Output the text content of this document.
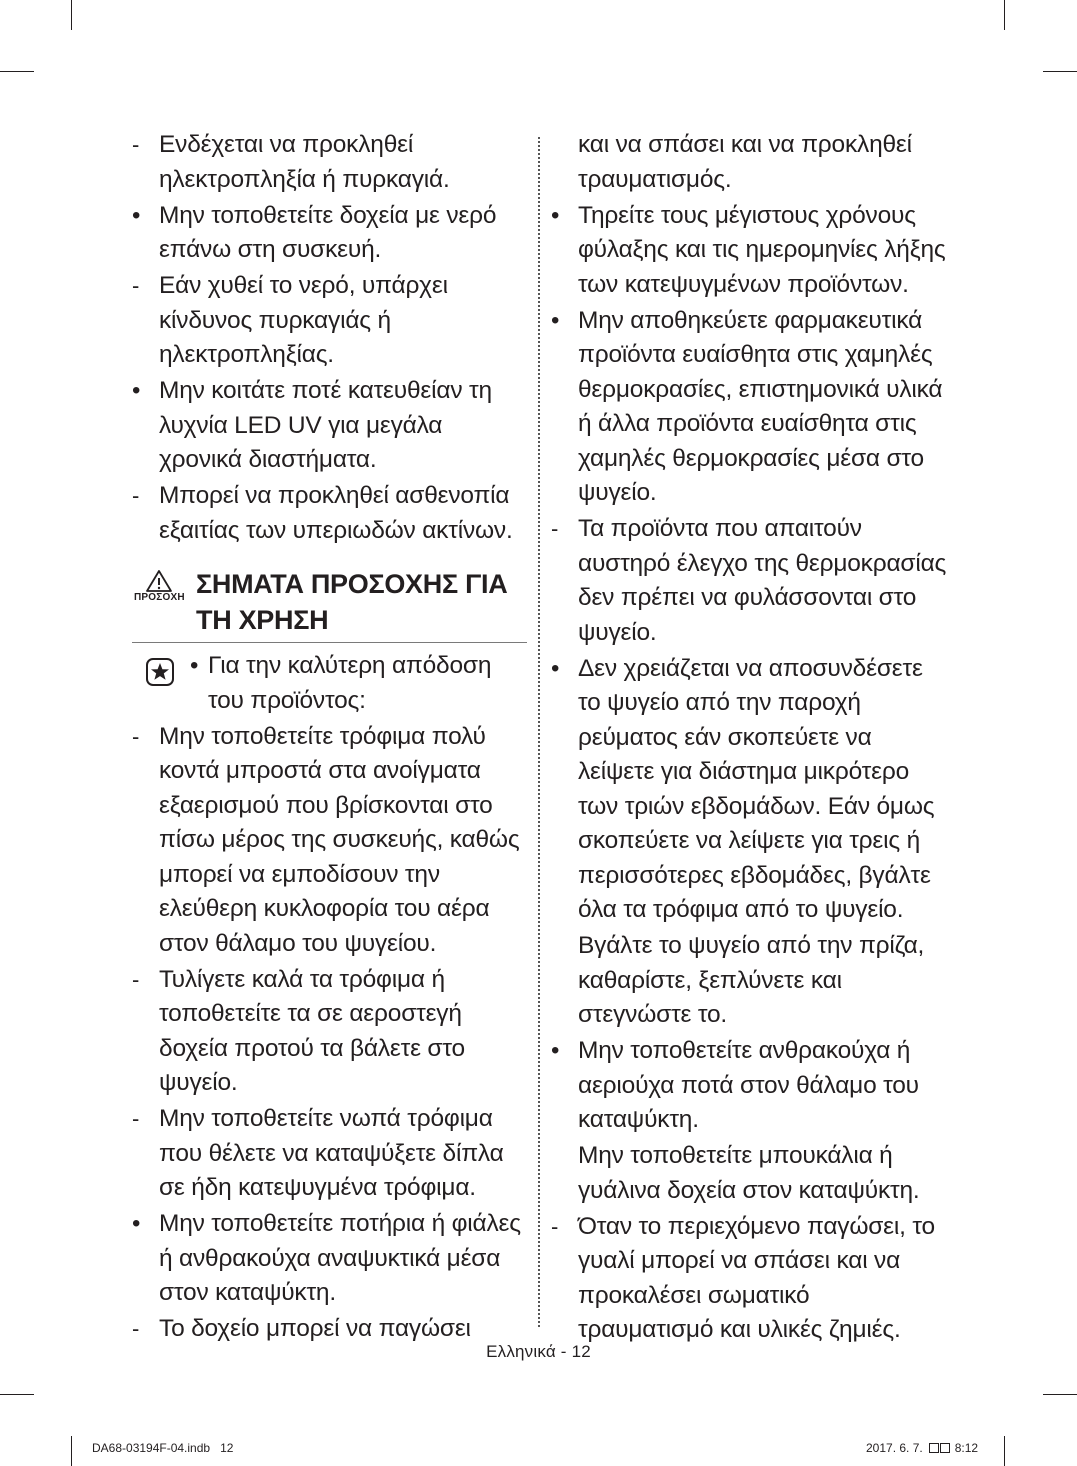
- Ενδέχεται να προκληθεί ηλεκτροπληξία ή πυρκαγιά.
• Μην τοποθετείτε δοχεία με νερό επάνω στη συσκευή.
- Εάν χυθεί το νερό, υπάρχει κίνδυνος πυρκαγιάς ή ηλεκτροπληξίας.
• Μην κοιτάτε ποτέ κατευθείαν τη λυχνία LED UV για μεγάλα χρονικά διαστήματα.
- Μπορεί να προκληθεί ασθενοπία εξαιτίας των υπεριωδών ακτίνων.
ΠΡΟΣΟΧΗ ΣΗΜΑΤΑ ΠΡΟΣΟΧΗΣ ΓΙΑ
ΤΗ ΧΡΗΣΗ
• Για την καλύτερη απόδοση του προϊόντος:
- Μην τοποθετείτε τρόφιμα πολύ κοντά μπροστά στα ανοίγματα εξαερισμού που βρίσκονται στο πίσω μέρος της συσκευής, καθώς μπορεί να εμποδίσουν την ελεύθερη κυκλοφορία του αέρα στον θάλαμο του ψυγείου.
- Τυλίγετε καλά τα τρόφιμα ή τοποθετείτε τα σε αεροστεγή δοχεία προτού τα βάλετε στο ψυγείο.
- Μην τοποθετείτε νωπά τρόφιμα που θέλετε να καταψύξετε δίπλα σε ήδη κατεψυγμένα τρόφιμα.
• Μην τοποθετείτε ποτήρια ή φιάλες ή ανθρακούχα αναψυκτικά μέσα στον καταψύκτη.
- Το δοχείο μπορεί να παγώσει
και να σπάσει και να προκληθεί τραυματισμός.
• Τηρείτε τους μέγιστους χρόνους φύλαξης και τις ημερομηνίες λήξης των κατεψυγμένων προϊόντων.
• Μην αποθηκεύετε φαρμακευτικά προϊόντα ευαίσθητα στις χαμηλές θερμοκρασίες, επιστημονικά υλικά ή άλλα προϊόντα ευαίσθητα στις χαμηλές θερμοκρασίες μέσα στο ψυγείο.
- Τα προϊόντα που απαιτούν αυστηρό έλεγχο της θερμοκρασίας δεν πρέπει να φυλάσσονται στο ψυγείο.
• Δεν χρειάζεται να αποσυνδέσετε το ψυγείο από την παροχή ρεύματος εάν σκοπεύετε να λείψετε για διάστημα μικρότερο των τριών εβδομάδων. Εάν όμως σκοπεύετε να λείψετε για τρεις ή περισσότερες εβδομάδες, βγάλτε όλα τα τρόφιμα από το ψυγείο.
Βγάλτε το ψυγείο από την πρίζα, καθαρίστε, ξεπλύνετε και στεγνώστε το.
• Μην τοποθετείτε ανθρακούχα ή αεριούχα ποτά στον θάλαμο του καταψύκτη.
Μην τοποθετείτε μπουκάλια ή γυάλινα δοχεία στον καταψύκτη.
- Όταν το περιεχόμενο παγώσει, το γυαλί μπορεί να σπάσει και να προκαλέσει σωματικό τραυματισμό και υλικές ζημιές.
Ελληνικά - 12
DA68-03194F-04.indb   12	2017. 6. 7.	8:12
